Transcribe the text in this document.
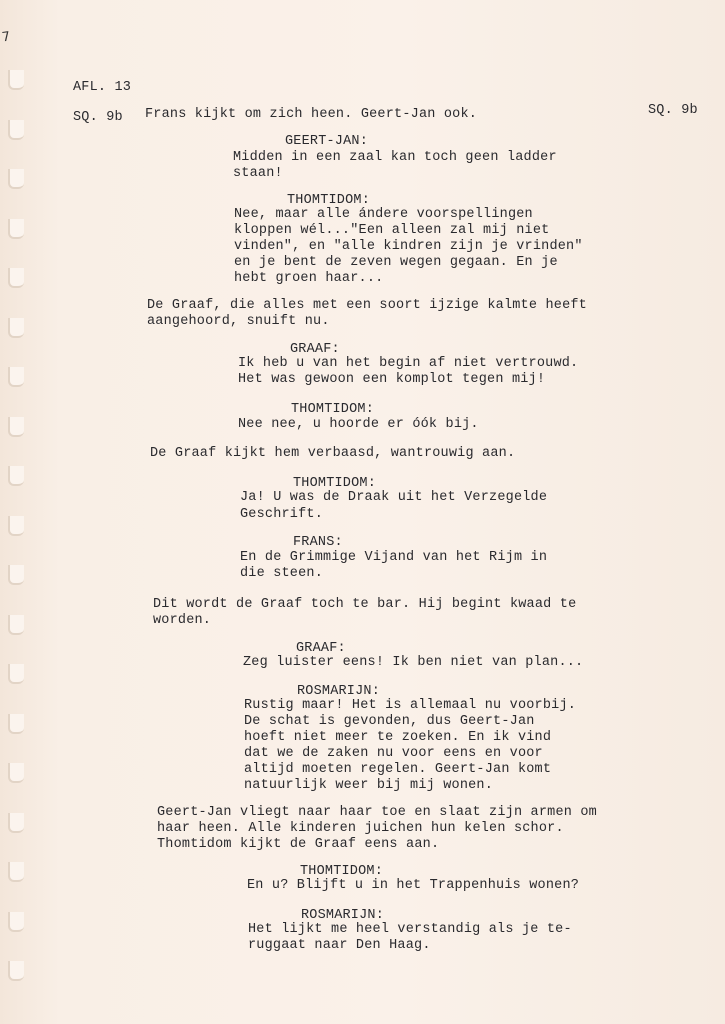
7
AFL. 13
SQ. 9b Frans kijkt om zich heen. Geert-Jan ook.	SQ. 9b
GEERT-JAN:
Midden in een zaal kan toch geen ladder
staan!
THOMTIDOM:
Nee, maar alle ándere voorspellingen
kloppen wél..."Een alleen zal mij niet
vinden", en "alle kindren zijn je vrinden"
en je bent de zeven wegen gegaan. En je
hebt groen haar...
De Graaf, die alles met een soort ijzige kalmte heeft
aangehoord, snuift nu.
GRAAF:
Ik heb u van het begin af niet vertrouwd.
Het was gewoon een komplot tegen mij!
THOMTIDOM:
Nee nee, u hoorde er óók bij.
De Graaf kijkt hem verbaasd, wantrouwig aan.
THOMTIDOM:
Ja! U was de Draak uit het Verzegelde
Geschrift.
FRANS:
En de Grimmige Vijand van het Rijm in
die steen.
Dit wordt de Graaf toch te bar. Hij begint kwaad te
worden.
GRAAF:
Zeg luister eens! Ik ben niet van plan...
ROSMARIJN:
Rustig maar! Het is allemaal nu voorbij.
De schat is gevonden, dus Geert-Jan
hoeft niet meer te zoeken. En ik vind
dat we de zaken nu voor eens en voor
altijd moeten regelen. Geert-Jan komt
natuurlijk weer bij mij wonen.
Geert-Jan vliegt naar haar toe en slaat zijn armen om
haar heen. Alle kinderen juichen hun kelen schor.
Thomtidom kijkt de Graaf eens aan.
THOMTIDOM:
En u? Blijft u in het Trappenhuis wonen?
ROSMARIJN:
Het lijkt me heel verstandig als je te-
ruggaat naar Den Haag.
